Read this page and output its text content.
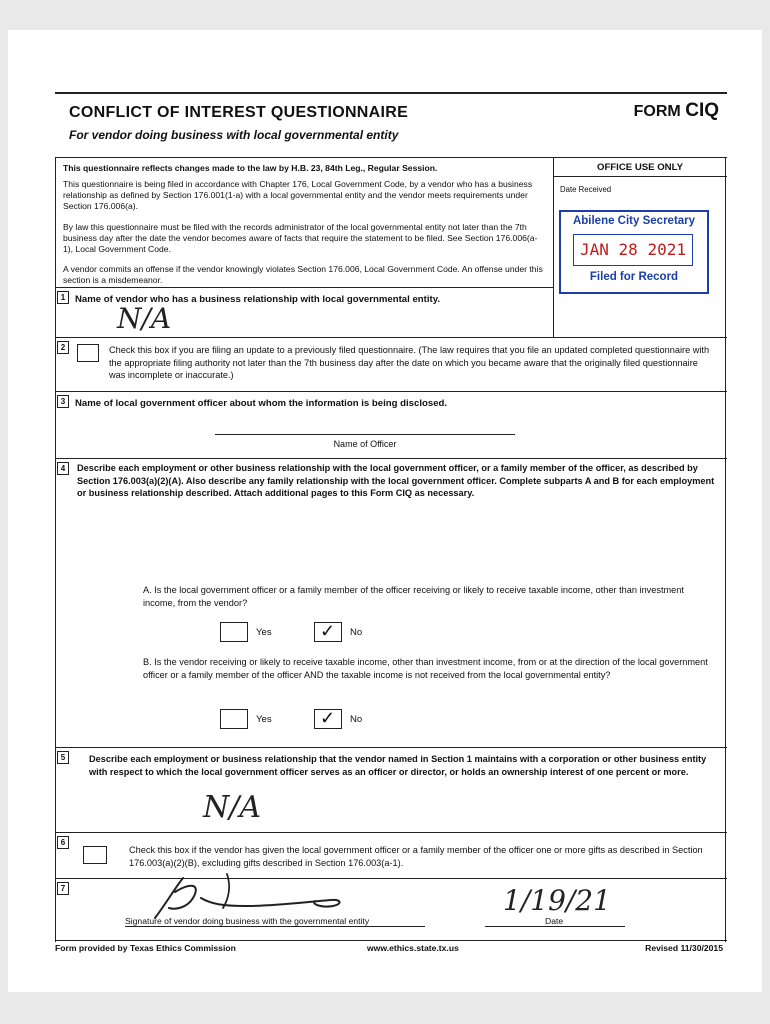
CONFLICT OF INTEREST QUESTIONNAIRE
For vendor doing business with local governmental entity
FORM CIQ
This questionnaire reflects changes made to the law by H.B. 23, 84th Leg., Regular Session.
This questionnaire is being filed in accordance with Chapter 176, Local Government Code, by a vendor who has a business relationship as defined by Section 176.001(1-a) with a local governmental entity and the vendor meets requirements under Section 176.006(a).
By law this questionnaire must be filed with the records administrator of the local governmental entity not later than the 7th business day after the date the vendor becomes aware of facts that require the statement to be filed. See Section 176.006(a-1), Local Government Code.
A vendor commits an offense if the vendor knowingly violates Section 176.006, Local Government Code. An offense under this section is a misdemeanor.
OFFICE USE ONLY
Date Received
Abilene City Secretary
JAN 28 2021
Filed for Record
1	Name of vendor who has a business relationship with local governmental entity.
N/A
2	Check this box if you are filing an update to a previously filed questionnaire. (The law requires that you file an updated completed questionnaire with the appropriate filing authority not later than the 7th business day after the date on which you became aware that the originally filed questionnaire was incomplete or inaccurate.)
3	Name of local government officer about whom the information is being disclosed.
Name of Officer
4	Describe each employment or other business relationship with the local government officer, or a family member of the officer, as described by Section 176.003(a)(2)(A). Also describe any family relationship with the local government officer. Complete subparts A and B for each employment or business relationship described. Attach additional pages to this Form CIQ as necessary.
A. Is the local government officer or a family member of the officer receiving or likely to receive taxable income, other than investment income, from the vendor?
Yes	✓ No
B. Is the vendor receiving or likely to receive taxable income, other than investment income, from or at the direction of the local government officer or a family member of the officer AND the taxable income is not received from the local governmental entity?
Yes	✓ No
5	Describe each employment or business relationship that the vendor named in Section 1 maintains with a corporation or other business entity with respect to which the local government officer serves as an officer or director, or holds an ownership interest of one percent or more.
N/A
6
Check this box if the vendor has given the local government officer or a family member of the officer one or more gifts as described in Section 176.003(a)(2)(B), excluding gifts described in Section 176.003(a-1).
7
Signature of vendor doing business with the governmental entity
1/19/21
Date
Form provided by Texas Ethics Commission	www.ethics.state.tx.us	Revised 11/30/2015
